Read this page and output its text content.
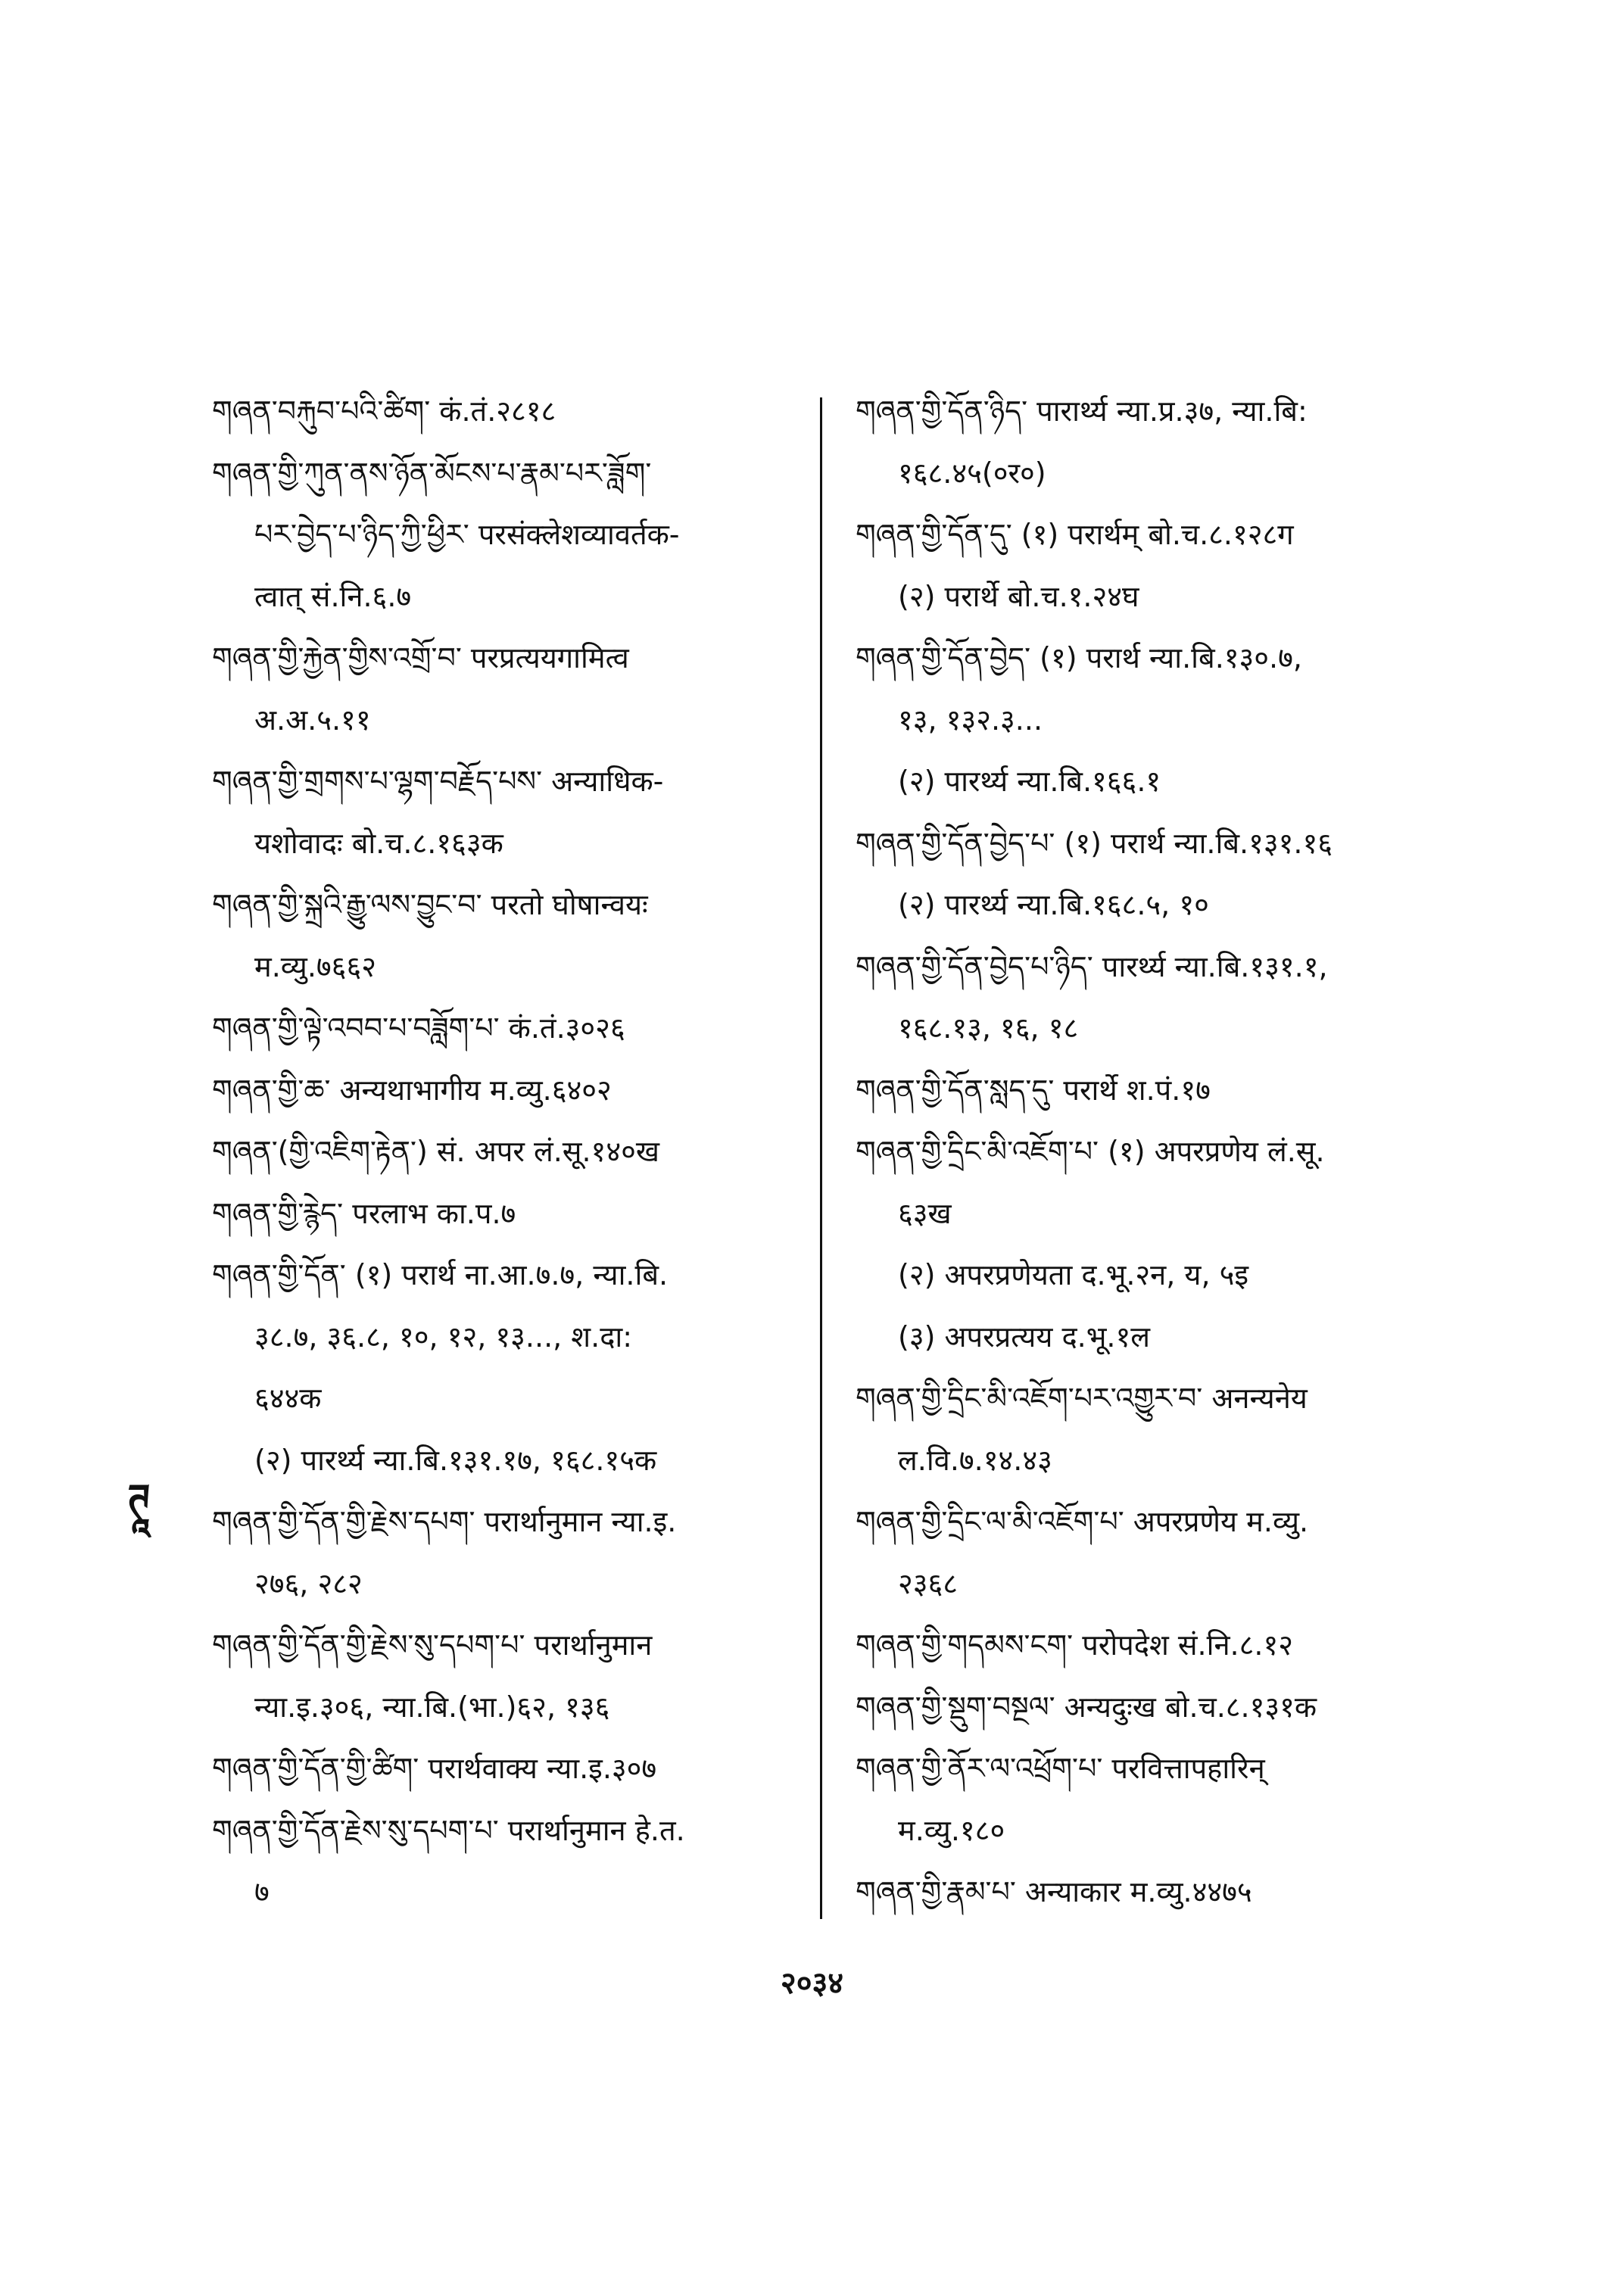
གཞན་བརྐུབ་པའི་ཚིག་ कं.तं.२८१८
གཞན་གྱི་ཀུན་ནས་ཉོན་མོངས་པ་རྣམ་པར་ཟློག་
པར་བྱེད་པ་ཉིད་ཀྱི་ཕྱིར་ परसंक्लेशव्यावर्तक-
त्वात् सं.नि.६.७
གཞན་གྱི་རྐྱེན་གྱིས་འགྲོ་བ་ परप्रत्ययगामित्व
अ.अ.५.११
གཞན་གྱི་གྲགས་པ་ལྷག་བརྗོད་པས་ अन्याधिक-
यशोवादः बो.च.८.१६३क
གཞན་གྱི་སྐྲའི་རྒྱུ་ལས་བྱུང་བ་ परतो घोषान्वयः
म.व्यु.७६६२
གཞན་གྱི་ལྟེ་འབབ་པ་བཟློག་པ་ कं.तं.३०२६
གཞན་གྱི་ཆ་ अन्यथाभागीय म.व्यु.६४०२
གཞན་(གྱི་འཇིག་རྟེན་) सं. अपर लं.सू.१४०ख
གཞན་གྱི་རྙེད་ परलाभ का.प.७
གཞན་གྱི་དོན་ (१) परार्थ ना.आ.७.७, न्या.बि.
३८.७, ३६.८, १०, १२, १३..., श.दा:
६४४क
(२) पारर्थ्य न्या.बि.१३१.१७, १६८.१५क
གཞན་གྱི་དོན་གྱི་རྗེས་དཔག་ परार्थानुमान न्या.इ.
२७६, २८२
གཞན་གྱི་དོན་གྱི་རྗེས་སུ་དཔག་པ་ परार्थानुमान
न्या.इ.३०६, न्या.बि.(भा.)६२, १३६
གཞན་གྱི་དོན་གྱི་ཚིག་ परार्थवाक्य न्या.इ.३०७
གཞན་གྱི་དོན་རྗེས་སུ་དཔག་པ་ परार्थानुमान हे.त.
७
གཞན་གྱི་དོན་ཉིད་ पारार्थ्य न्या.प्र.३७, न्या.बि:
१६८.४५(०र०)
གཞན་གྱི་དོན་དུ་ (१) परार्थम् बो.च.८.१२८ग
(२) परार्थे बो.च.१.२४घ
གཞན་གྱི་དོན་བྱེད་ (१) परार्थ न्या.बि.१३०.७,
१३, १३२.३...
(२) पारर्थ्य न्या.बि.१६६.१
གཞན་གྱི་དོན་བྱེད་པ་ (१) परार्थ न्या.बि.१३१.१६
(२) पारर्थ्य न्या.बि.१६८.५, १०
གཞན་གྱི་དོན་བྱེད་པ་ཉིད་ पारर्थ्य न्या.बि.१३१.१,
१६८.१३, १६, १८
གཞན་གྱི་དོན་སླད་དུ་ परार्थे श.पं.१७
གཞན་གྱི་དྲིང་མི་འཇོག་པ་ (१) अपरप्रणेय लं.सू.
६३ख
(२) अपरप्रणेयता द.भू.२न, य, ५इ
(३) अपरप्रत्यय द.भू.१ल
གཞན་གྱི་དྲིང་མི་འཇོག་པར་འགྱུར་བ་ अनन्यनेय
ल.वि.७.१४.४३
གཞན་གྱི་དྲིང་ལ་མི་འཇོག་པ་ अपरप्रणेय म.व्यु.
२३६८
གཞན་གྱི་གདམས་ངག་ परोपदेश सं.नि.८.१२
གཞན་གྱི་སྡུག་བསྔལ་ अन्यदुःख बो.च.८.१३१क
གཞན་གྱི་ནོར་ལ་འཕྲོག་པ་ परवित्तापहारिन्
म.व्यु.१८०
གཞན་གྱི་རྣམ་པ་ अन्याकार म.व्यु.४४७५
ཊཱ
२०३४
